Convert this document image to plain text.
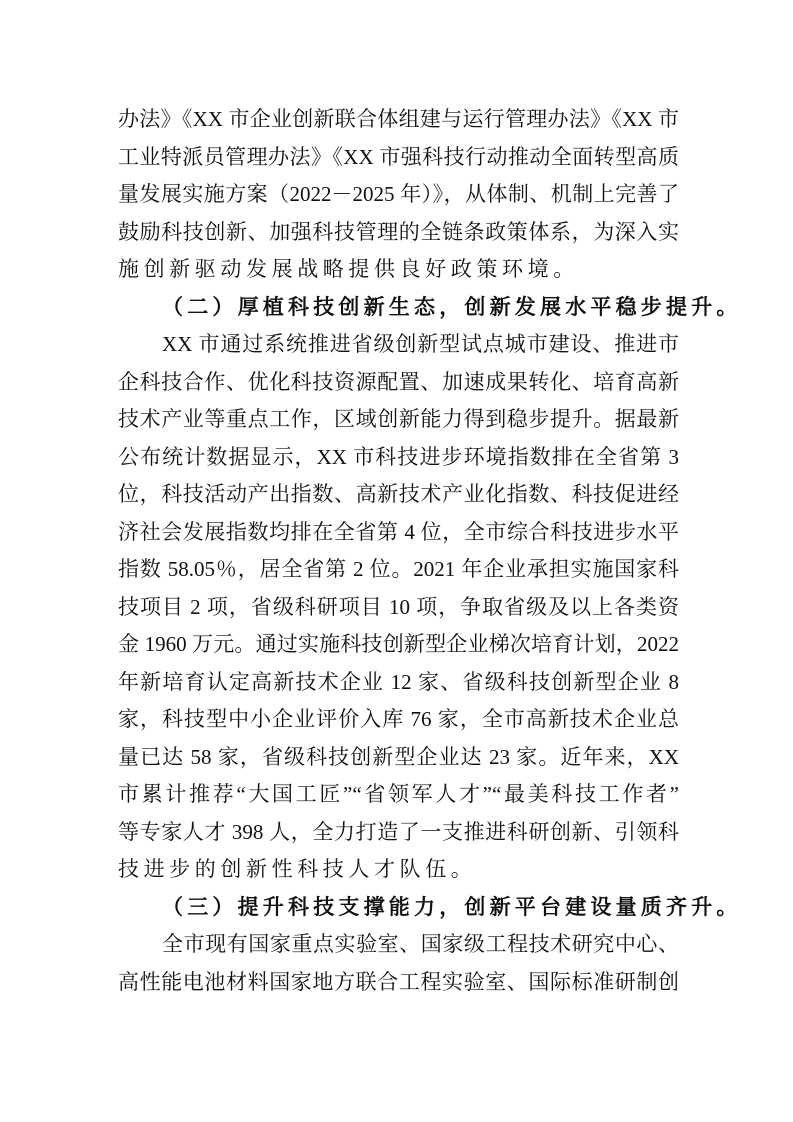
办法》《XX 市企业创新联合体组建与运行管理办法》《XX 市
工业特派员管理办法》《XX 市强科技行动推动全面转型高质
量发展实施方案（2022－2025 年）》，从体制、机制上完善了
鼓励科技创新、加强科技管理的全链条政策体系，为深入实
施创新驱动发展战略提供良好政策环境。
（二）厚植科技创新生态，创新发展水平稳步提升。
XX 市通过系统推进省级创新型试点城市建设、推进市
企科技合作、优化科技资源配置、加速成果转化、培育高新
技术产业等重点工作，区域创新能力得到稳步提升。据最新
公布统计数据显示，XX 市科技进步环境指数排在全省第 3
位，科技活动产出指数、高新技术产业化指数、科技促进经
济社会发展指数均排在全省第 4 位，全市综合科技进步水平
指数 58.05％，居全省第 2 位。2021 年企业承担实施国家科
技项目 2 项，省级科研项目 10 项，争取省级及以上各类资
金 1960 万元。通过实施科技创新型企业梯次培育计划，2022
年新培育认定高新技术企业 12 家、省级科技创新型企业 8
家，科技型中小企业评价入库 76 家，全市高新技术企业总
量已达 58 家，省级科技创新型企业达 23 家。近年来，XX
市累计推荐“大国工匠”“省领军人才”“最美科技工作者”
等专家人才 398 人，全力打造了一支推进科研创新、引领科
技进步的创新性科技人才队伍。
（三）提升科技支撑能力，创新平台建设量质齐升。
全市现有国家重点实验室、国家级工程技术研究中心、
高性能电池材料国家地方联合工程实验室、国际标准研制创
